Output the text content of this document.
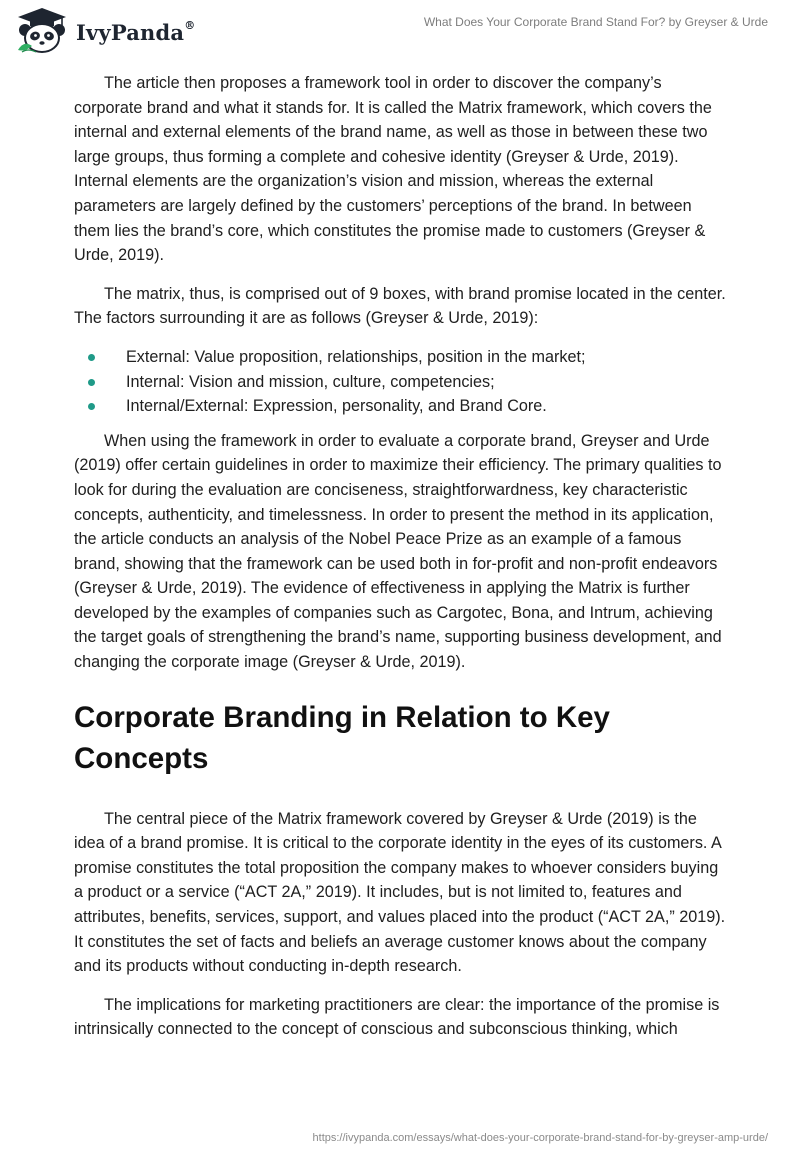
IvyPanda®	What Does Your Corporate Brand Stand For? by Greyser & Urde

The article then proposes a framework tool in order to discover the company’s corporate brand and what it stands for. It is called the Matrix framework, which covers the internal and external elements of the brand name, as well as those in between these two large groups, thus forming a complete and cohesive identity (Greyser & Urde, 2019). Internal elements are the organization’s vision and mission, whereas the external parameters are largely defined by the customers’ perceptions of the brand. In between them lies the brand’s core, which constitutes the promise made to customers (Greyser & Urde, 2019).

The matrix, thus, is comprised out of 9 boxes, with brand promise located in the center. The factors surrounding it are as follows (Greyser & Urde, 2019):

External: Value proposition, relationships, position in the market;
Internal: Vision and mission, culture, competencies;
Internal/External: Expression, personality, and Brand Core.

When using the framework in order to evaluate a corporate brand, Greyser and Urde (2019) offer certain guidelines in order to maximize their efficiency. The primary qualities to look for during the evaluation are conciseness, straightforwardness, key characteristic concepts, authenticity, and timelessness. In order to present the method in its application, the article conducts an analysis of the Nobel Peace Prize as an example of a famous brand, showing that the framework can be used both in for-profit and non-profit endeavors (Greyser & Urde, 2019). The evidence of effectiveness in applying the Matrix is further developed by the examples of companies such as Cargotec, Bona, and Intrum, achieving the target goals of strengthening the brand’s name, supporting business development, and changing the corporate image (Greyser & Urde, 2019).

Corporate Branding in Relation to Key Concepts

The central piece of the Matrix framework covered by Greyser & Urde (2019) is the idea of a brand promise. It is critical to the corporate identity in the eyes of its customers. A promise constitutes the total proposition the company makes to whoever considers buying a product or a service (“ACT 2A,” 2019). It includes, but is not limited to, features and attributes, benefits, services, support, and values placed into the product (“ACT 2A,” 2019). It constitutes the set of facts and beliefs an average customer knows about the company and its products without conducting in-depth research.

The implications for marketing practitioners are clear: the importance of the promise is intrinsically connected to the concept of conscious and subconscious thinking, which

https://ivypanda.com/essays/what-does-your-corporate-brand-stand-for-by-greyser-amp-urde/
